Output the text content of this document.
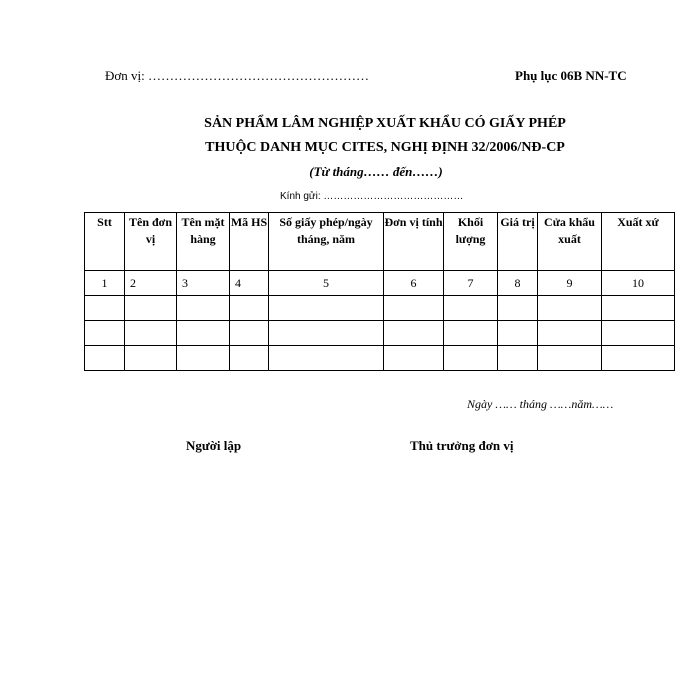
Đơn vị: ……………………………………………	Phụ lục 06B NN-TC
SẢN PHẨM LÂM NGHIỆP XUẤT KHẨU CÓ GIẤY PHÉP
THUỘC DANH MỤC CITES, NGHỊ ĐỊNH 32/2006/NĐ-CP
(Từ tháng…… đến……)
Kính gửi: ……………………………………
Stt	Tên đơn vị	Tên mặt hàng	Mã HS	Số giấy phép/ngày tháng, năm	Đơn vị tính	Khối lượng	Giá trị	Cửa khẩu xuất	Xuất xứ
1	2	3	4	5	6	7	8	9	10

Ngày …… tháng ……năm……
Người lập	Thủ trưởng đơn vị
